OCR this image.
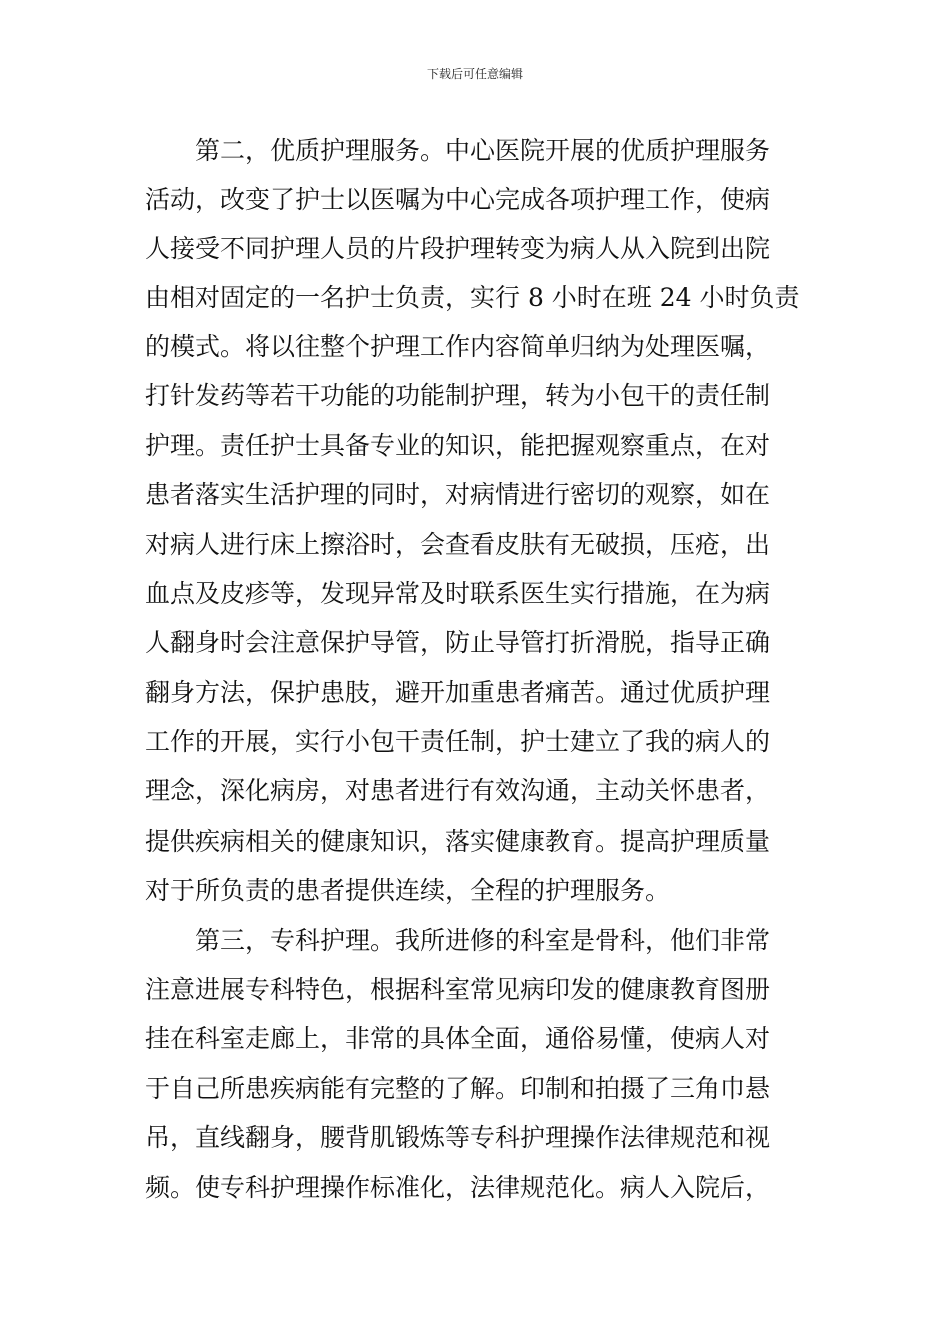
下载后可任意编辑
　　第二，优质护理服务。中心医院开展的优质护理服务
活动，改变了护士以医嘱为中心完成各项护理工作，使病
人接受不同护理人员的片段护理转变为病人从入院到出院
由相对固定的一名护士负责，实行 8 小时在班 24 小时负责
的模式。将以往整个护理工作内容简单归纳为处理医嘱，
打针发药等若干功能的功能制护理，转为小包干的责任制
护理。责任护士具备专业的知识，能把握观察重点，在对
患者落实生活护理的同时，对病情进行密切的观察，如在
对病人进行床上擦浴时，会查看皮肤有无破损，压疮，出
血点及皮疹等，发现异常及时联系医生实行措施，在为病
人翻身时会注意保护导管，防止导管打折滑脱，指导正确
翻身方法，保护患肢，避开加重患者痛苦。通过优质护理
工作的开展，实行小包干责任制，护士建立了我的病人的
理念，深化病房，对患者进行有效沟通，主动关怀患者，
提供疾病相关的健康知识，落实健康教育。提高护理质量
对于所负责的患者提供连续，全程的护理服务。
　　第三，专科护理。我所进修的科室是骨科，他们非常
注意进展专科特色，根据科室常见病印发的健康教育图册
挂在科室走廊上，非常的具体全面，通俗易懂，使病人对
于自己所患疾病能有完整的了解。印制和拍摄了三角巾悬
吊，直线翻身，腰背肌锻炼等专科护理操作法律规范和视
频。使专科护理操作标准化，法律规范化。病人入院后，
